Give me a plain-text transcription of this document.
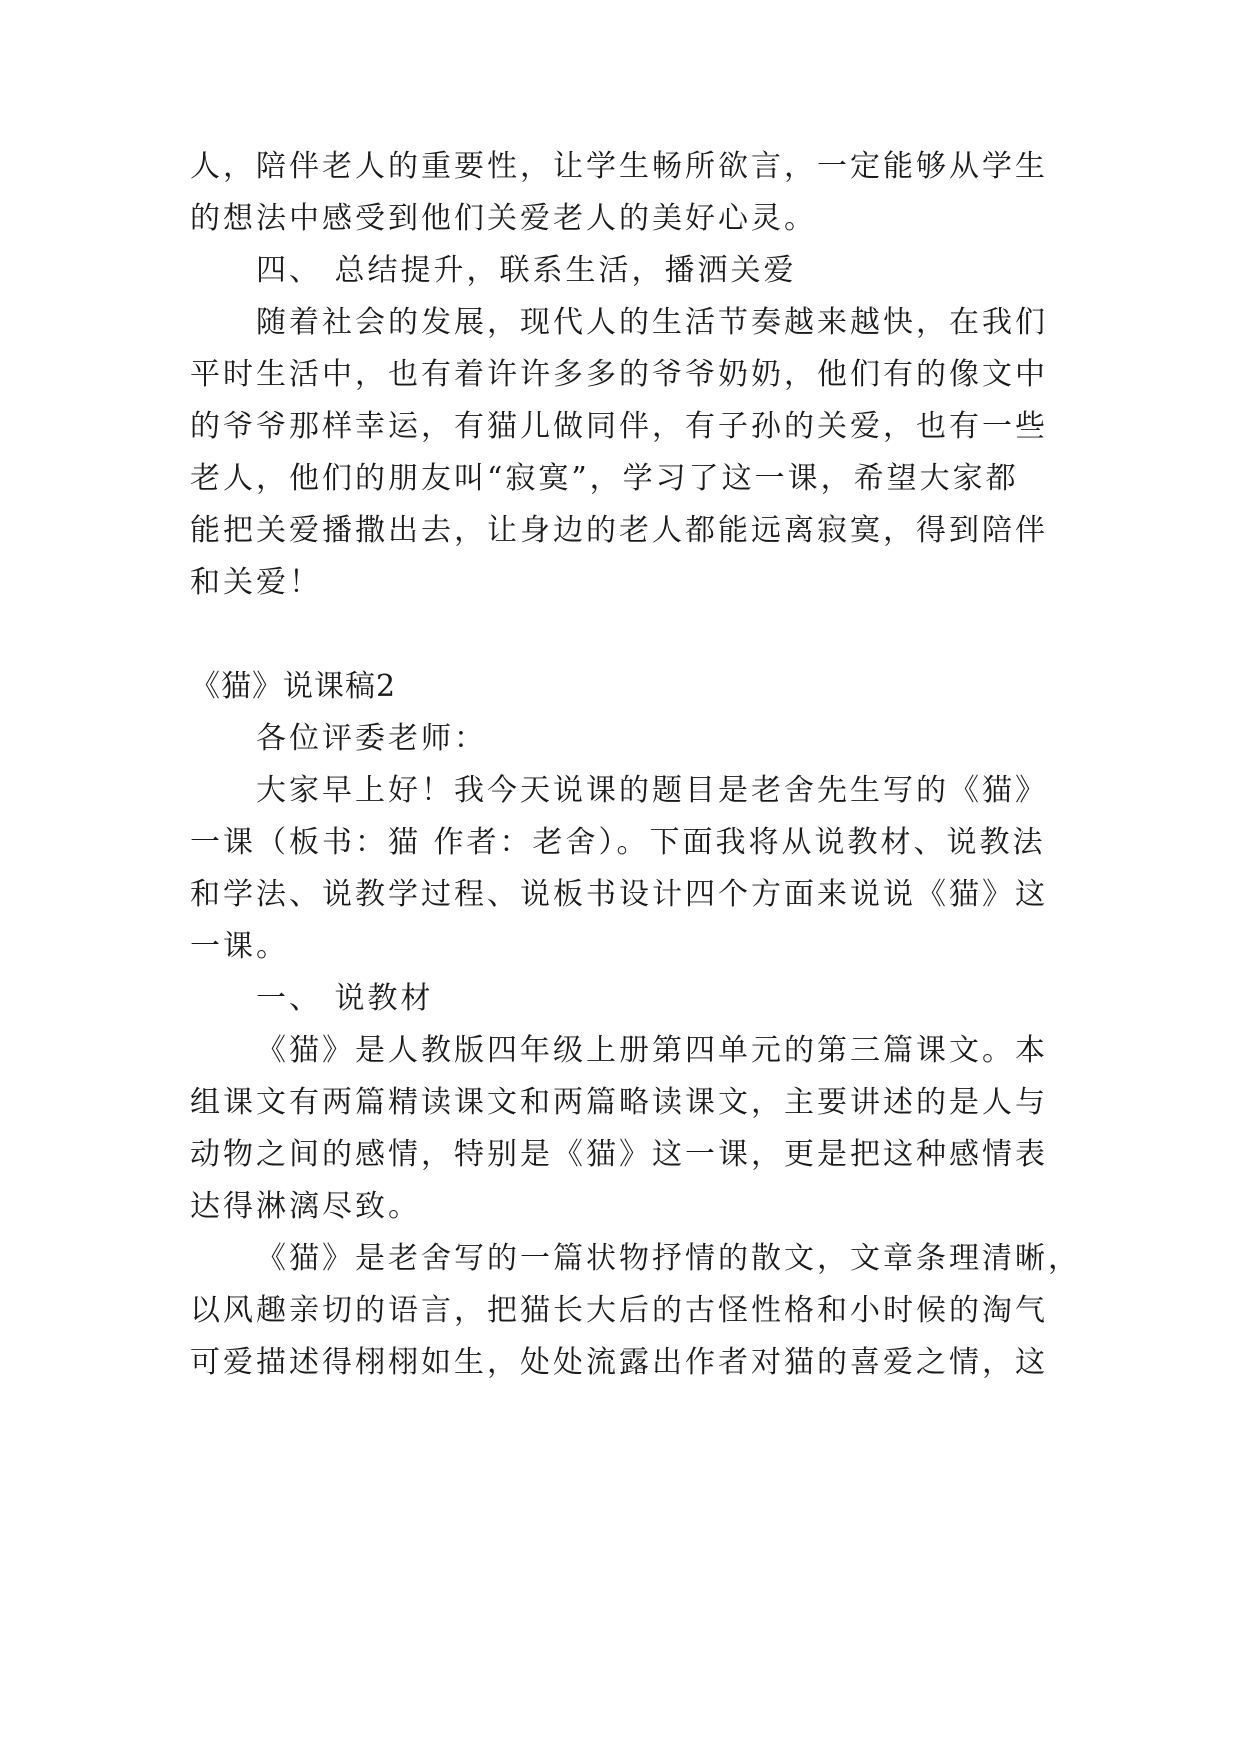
人，陪伴老人的重要性，让学生畅所欲言，一定能够从学生
的想法中感受到他们关爱老人的美好心灵。
四、 总结提升，联系生活，播洒关爱
随着社会的发展，现代人的生活节奏越来越快，在我们
平时生活中，也有着许许多多的爷爷奶奶，他们有的像文中
的爷爷那样幸运，有猫儿做同伴，有子孙的关爱，也有一些
老人，他们的朋友叫“寂寞”，学习了这一课，希望大家都
能把关爱播撒出去，让身边的老人都能远离寂寞，得到陪伴
和关爱！
《猫》说课稿2
各位评委老师：
大家早上好！我今天说课的题目是老舍先生写的《猫》
一课（板书：猫 作者：老舍）。下面我将从说教材、说教法
和学法、说教学过程、说板书设计四个方面来说说《猫》这
一课。
一、 说教材
《猫》是人教版四年级上册第四单元的第三篇课文。本
组课文有两篇精读课文和两篇略读课文，主要讲述的是人与
动物之间的感情，特别是《猫》这一课，更是把这种感情表
达得淋漓尽致。
《猫》是老舍写的一篇状物抒情的散文，文章条理清晰，
以风趣亲切的语言，把猫长大后的古怪性格和小时候的淘气
可爱描述得栩栩如生，处处流露出作者对猫的喜爱之情，这
